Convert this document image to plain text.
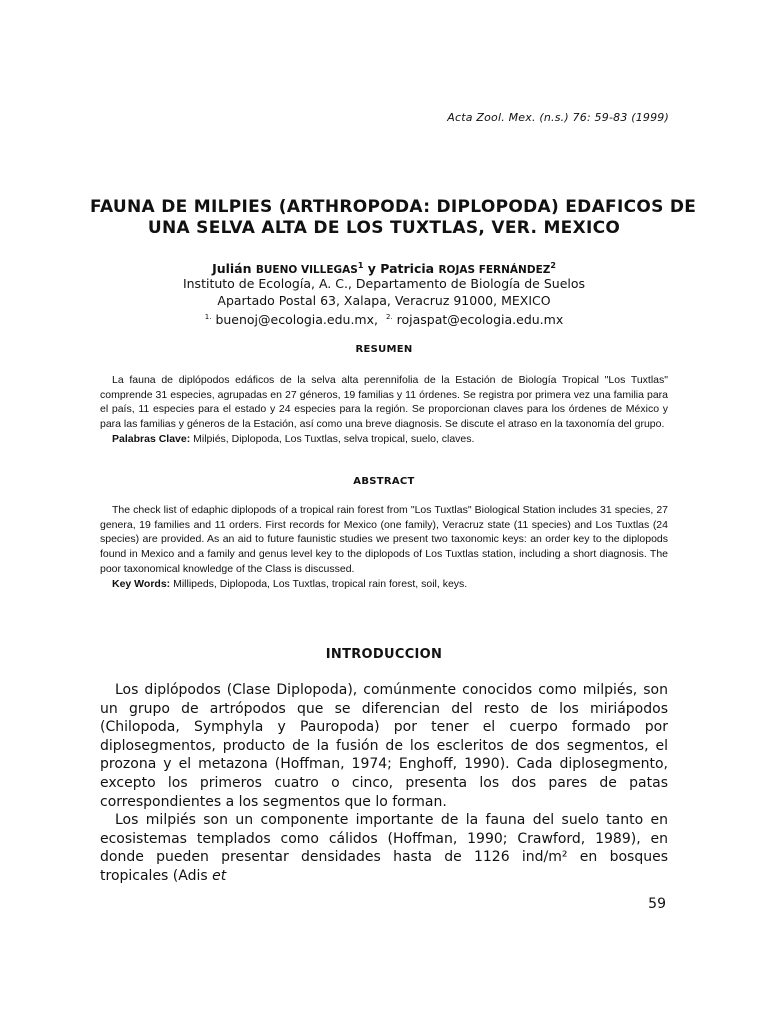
Acta Zool. Mex. (n.s.) 76: 59-83 (1999)
FAUNA DE MILPIES (ARTHROPODA: DIPLOPODA) EDAFICOS DE
UNA SELVA ALTA DE LOS TUXTLAS, VER. MEXICO
Julián BUENO VILLEGAS$^1$ y Patricia ROJAS FERNÁNDEZ$^2$
Instituto de Ecología, A. C., Departamento de Biología de Suelos
Apartado Postal 63, Xalapa, Veracruz 91000, MEXICO
$^{1.}$ buenoj@ecologia.edu.mx, $^{2.}$ rojaspat@ecologia.edu.mx
RESUMEN

La fauna de diplópodos edáficos de la selva alta perennifolia de la Estación de Biología Tropical "Los Tuxtlas" comprende 31 especies, agrupadas en 27 géneros, 19 familias y 11 órdenes. Se registra por primera vez una familia para el país, 11 especies para el estado y 24 especies para la región. Se proporcionan claves para los órdenes de México y para las familias y géneros de la Estación, así como una breve diagnosis. Se discute el atraso en la taxonomía del grupo.

Palabras Clave: Milpiés, Diplopoda, Los Tuxtlas, selva tropical, suelo, claves.

ABSTRACT

The check list of edaphic diplopods of a tropical rain forest from "Los Tuxtlas" Biological Station includes 31 species, 27 genera, 19 families and 11 orders. First records for Mexico (one family), Veracruz state (11 species) and Los Tuxtlas (24 species) are provided. As an aid to future faunistic studies we present two taxonomic keys: an order key to the diplopods found in Mexico and a family and genus level key to the diplopods of Los Tuxtlas station, including a short diagnosis. The poor taxonomical knowledge of the Class is discussed.

Key Words: Millipeds, Diplopoda, Los Tuxtlas, tropical rain forest, soil, keys.

INTRODUCCION

Los diplópodos (Clase Diplopoda), comúnmente conocidos como milpiés, son un grupo de artrópodos que se diferencian del resto de los miriápodos (Chilopoda, Symphyla y Pauropoda) por tener el cuerpo formado por diplosegmentos, producto de la fusión de los escleritos de dos segmentos, el prozona y el metazona (Hoffman, 1974; Enghoff, 1990). Cada diplosegmento, excepto los primeros cuatro o cinco, presenta los dos pares de patas correspondientes a los segmentos que lo forman.

Los milpiés son un componente importante de la fauna del suelo tanto en ecosistemas templados como cálidos (Hoffman, 1990; Crawford, 1989), en donde pueden presentar densidades hasta de 1126 ind/m² en bosques tropicales (Adis et

59
